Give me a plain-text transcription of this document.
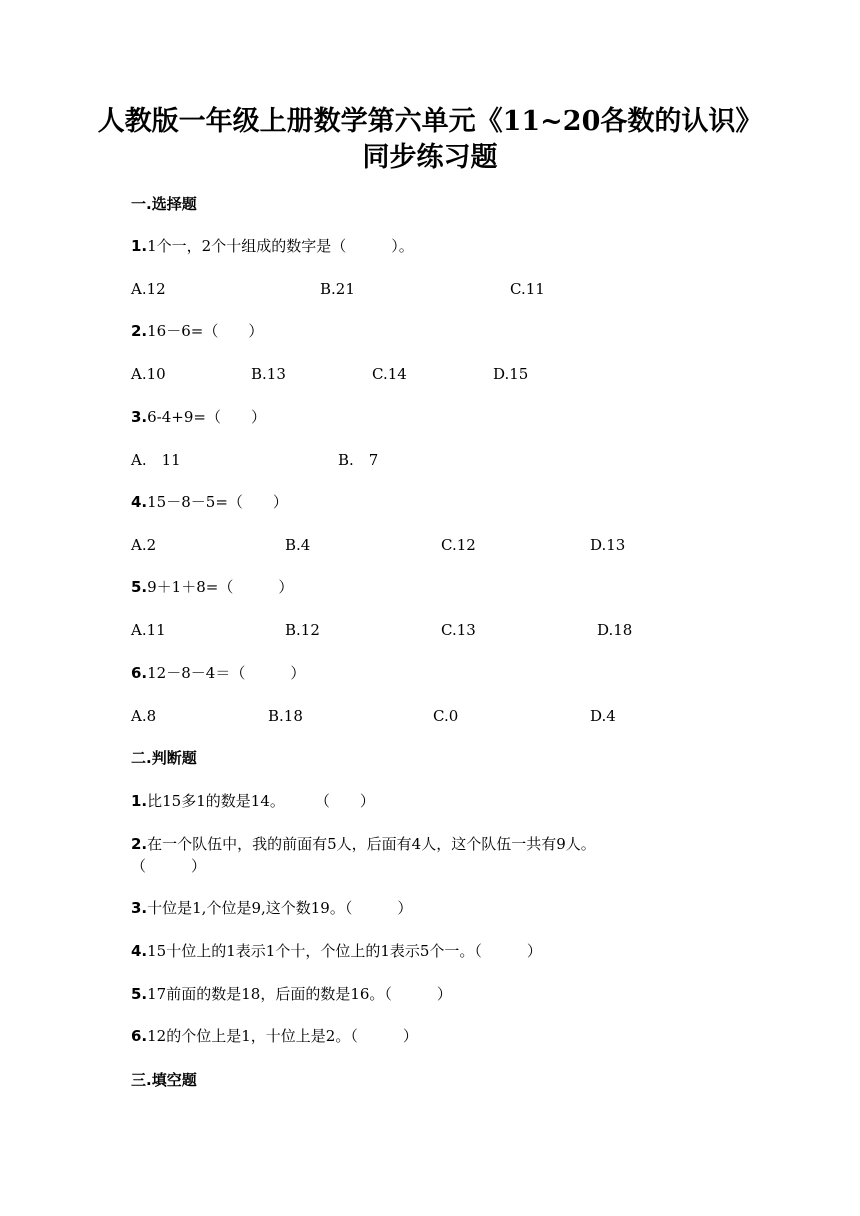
人教版一年级上册数学第六单元《11~20各数的认识》
同步练习题
一.选择题
1.1个一，2个十组成的数字是（　　　）。
A.12	B.21	C.11
2.16－6=（　　）
A.10	B.13	C.14	D.15
3.6-4+9=（　　）
A.　11	B.　7
4.15－8－5=（　　）
A.2	B.4	C.12	D.13
5.9＋1＋8=（　　　）
A.11	B.12	C.13	D.18
6.12－8－4＝（　　　）
A.8	B.18	C.0	D.4
二.判断题
1.比15多1的数是14。　　　（　　）
2.在一个队伍中，我的前面有5人，后面有4人，这个队伍一共有9人。
（　　　）
3.十位是1,个位是9,这个数19。（　　　）
4.15十位上的1表示1个十，个位上的1表示5个一。（　　　）
5.17前面的数是18，后面的数是16。（　　　）
6.12的个位上是1，十位上是2。（　　　）
三.填空题
